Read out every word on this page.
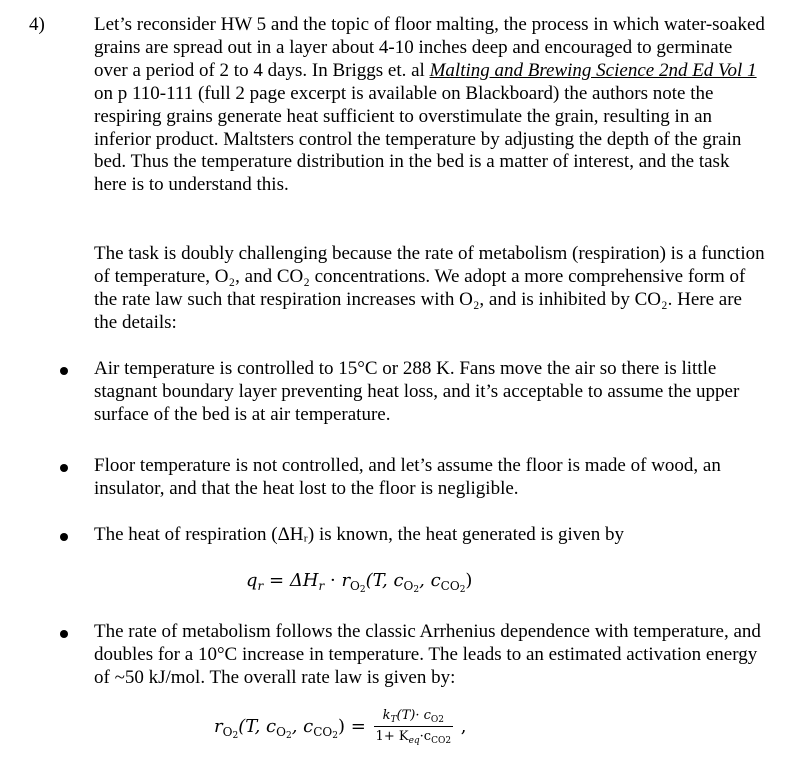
4)	Let’s reconsider HW 5 and the topic of floor malting, the process in which water-soaked grains are spread out in a layer about 4-10 inches deep and encouraged to germinate over a period of 2 to 4 days. In Briggs et. al Malting and Brewing Science 2nd Ed Vol 1 on p 110-111 (full 2 page excerpt is available on Blackboard) the authors note the respiring grains generate heat sufficient to overstimulate the grain, resulting in an inferior product. Maltsters control the temperature by adjusting the depth of the grain bed. Thus the temperature distribution in the bed is a matter of interest, and the task here is to understand this.
The task is doubly challenging because the rate of metabolism (respiration) is a function of temperature, O₂, and CO₂ concentrations. We adopt a more comprehensive form of the rate law such that respiration increases with O₂, and is inhibited by CO₂. Here are the details:
Air temperature is controlled to 15°C or 288 K. Fans move the air so there is little stagnant boundary layer preventing heat loss, and it’s acceptable to assume the upper surface of the bed is at air temperature.
Floor temperature is not controlled, and let’s assume the floor is made of wood, an insulator, and that the heat lost to the floor is negligible.
The heat of respiration (ΔHᵣ) is known, the heat generated is given by
$q_r = \Delta H_r \cdot r_{O_2}(T$, $c_{O_2}$, $c_{CO_2}$)
The rate of metabolism follows the classic Arrhenius dependence with temperature, and doubles for a 10°C increase in temperature. The leads to an estimated activation energy of ~50 kJ/mol. The overall rate law is given by:
$r_{O_2}(T$, $c_{O_2}$, $c_{CO_2}) = \frac{k_T(T)\cdot c_{O2}}{1+ K_{eq}\cdot c_{CO2}}$ ,
